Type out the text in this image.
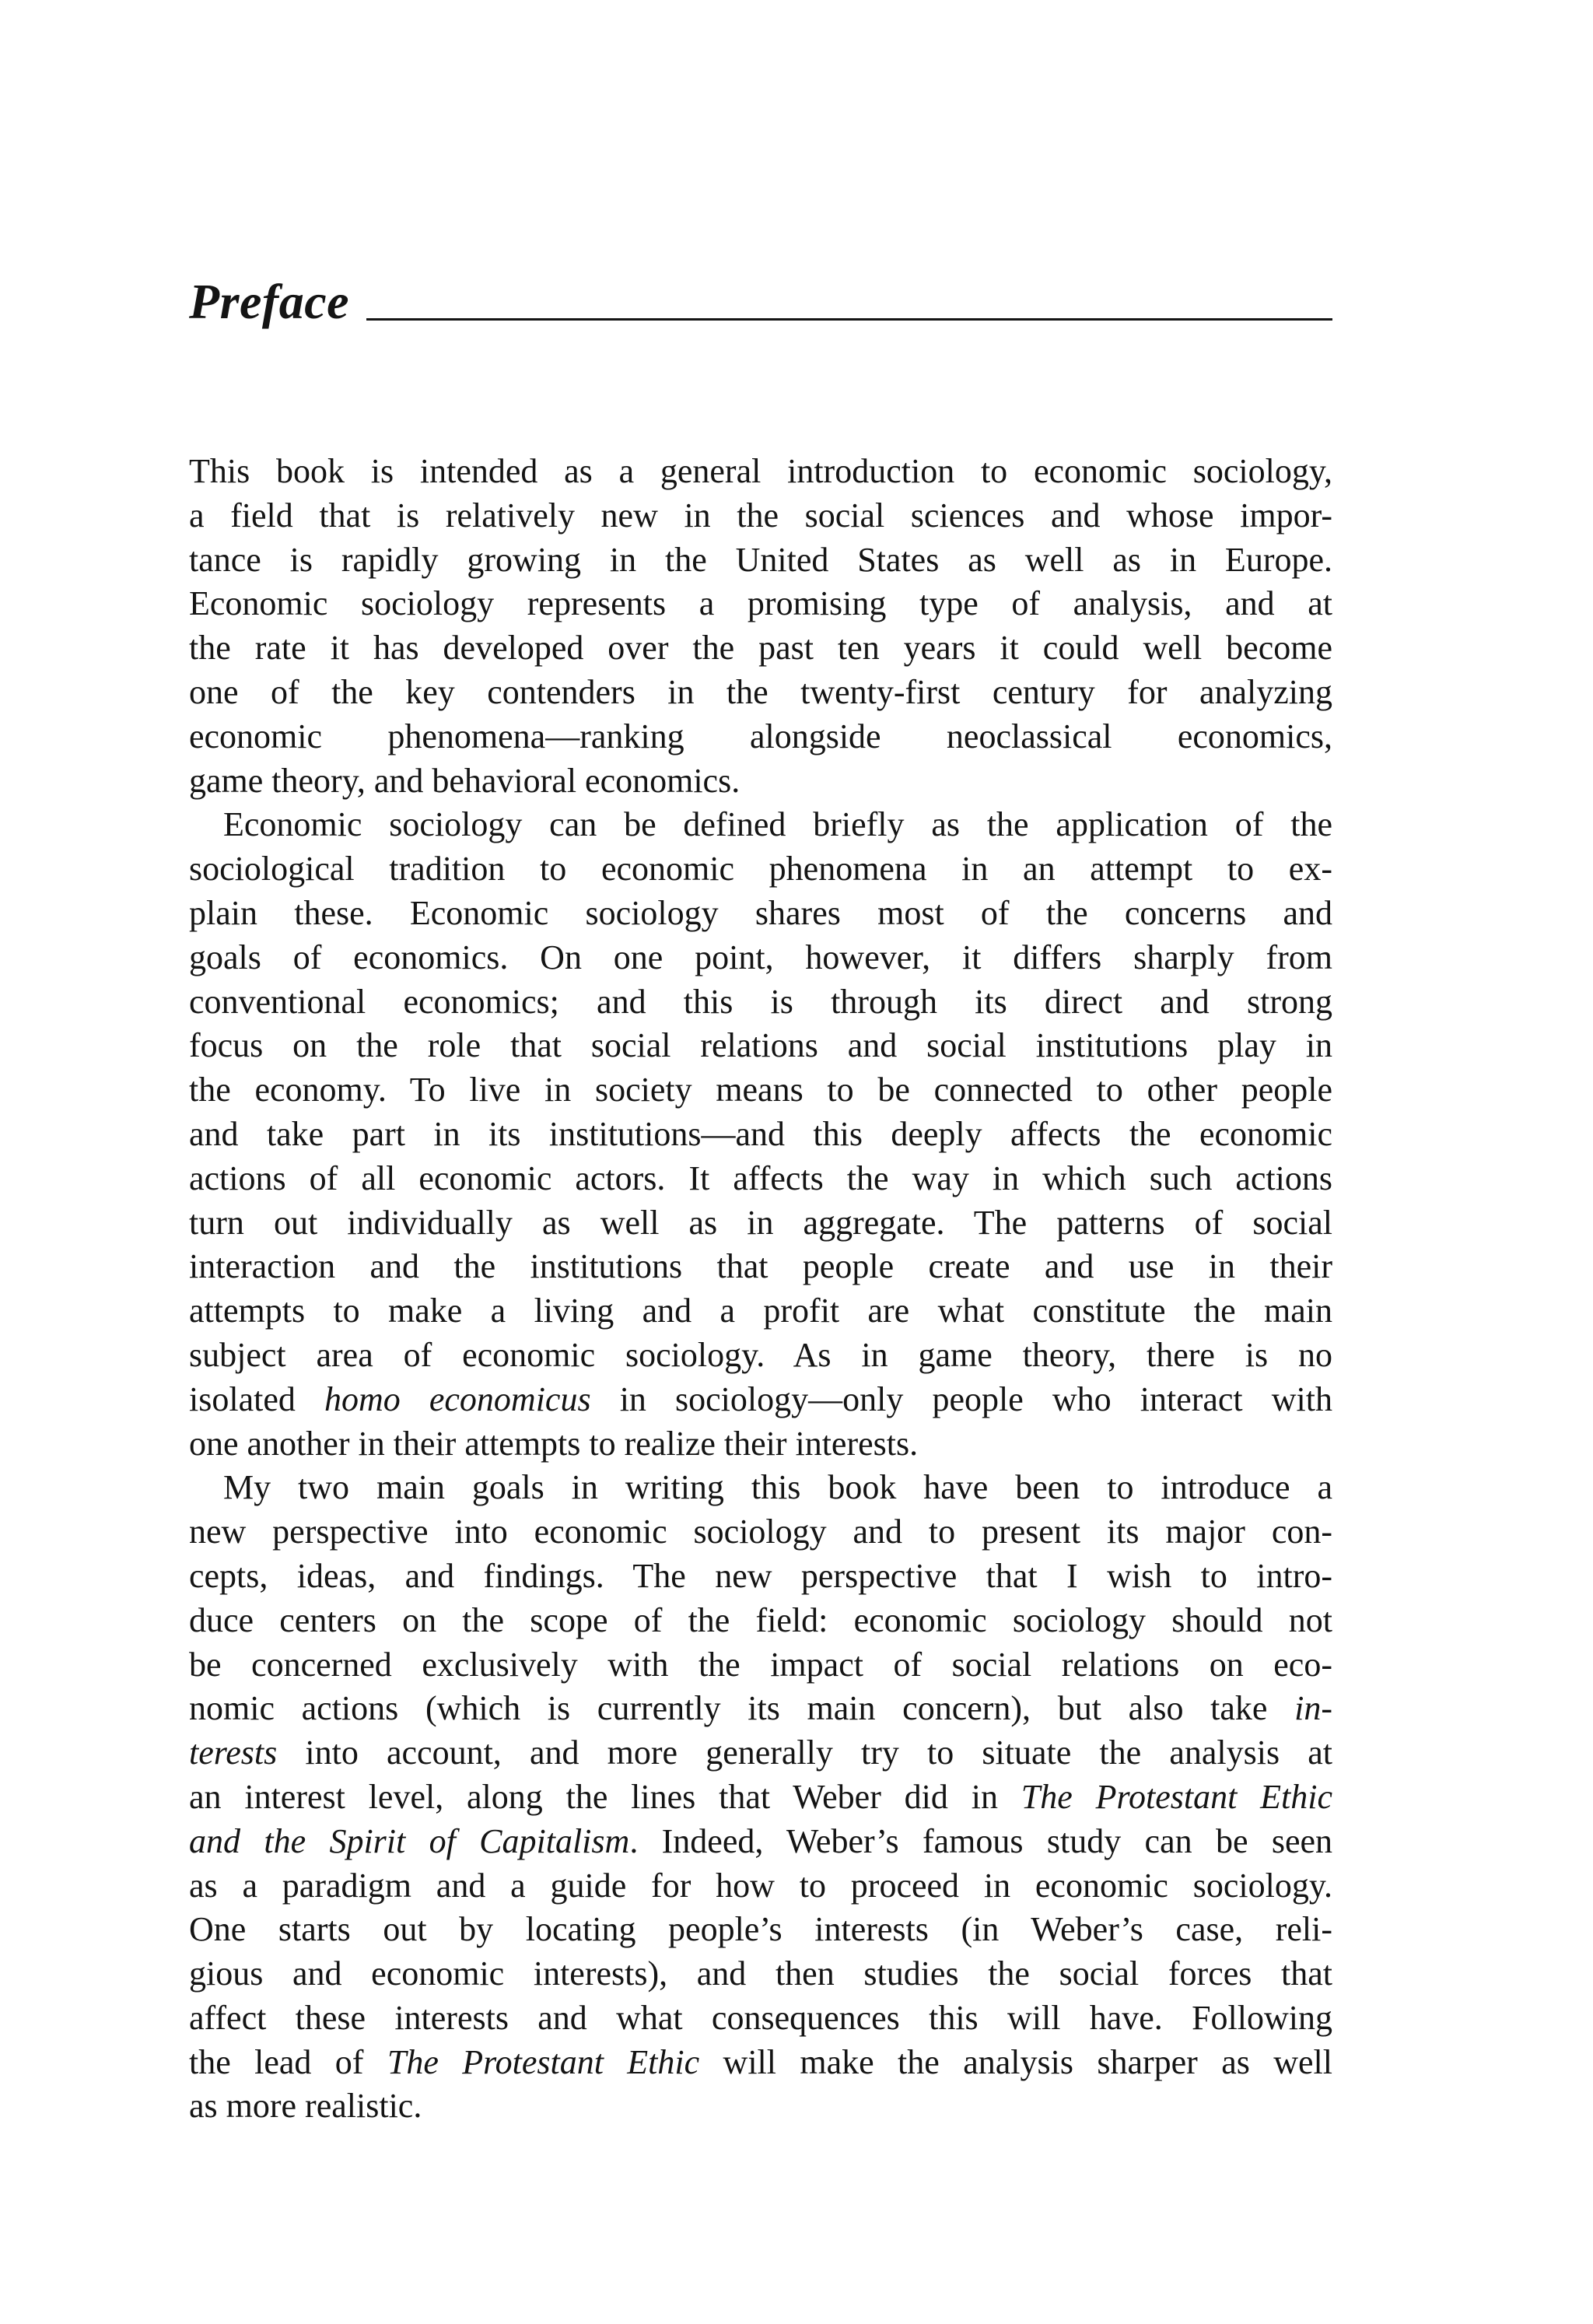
Preface
This book is intended as a general introduction to economic sociology,
a field that is relatively new in the social sciences and whose impor-
tance is rapidly growing in the United States as well as in Europe.
Economic sociology represents a promising type of analysis, and at
the rate it has developed over the past ten years it could well become
one of the key contenders in the twenty-first century for analyzing
economic phenomena—ranking alongside neoclassical economics,
game theory, and behavioral economics.
Economic sociology can be defined briefly as the application of the
sociological tradition to economic phenomena in an attempt to ex-
plain these. Economic sociology shares most of the concerns and
goals of economics. On one point, however, it differs sharply from
conventional economics; and this is through its direct and strong
focus on the role that social relations and social institutions play in
the economy. To live in society means to be connected to other people
and take part in its institutions—and this deeply affects the economic
actions of all economic actors. It affects the way in which such actions
turn out individually as well as in aggregate. The patterns of social
interaction and the institutions that people create and use in their
attempts to make a living and a profit are what constitute the main
subject area of economic sociology. As in game theory, there is no
isolated homo economicus in sociology—only people who interact with
one another in their attempts to realize their interests.
My two main goals in writing this book have been to introduce a
new perspective into economic sociology and to present its major con-
cepts, ideas, and findings. The new perspective that I wish to intro-
duce centers on the scope of the field: economic sociology should not
be concerned exclusively with the impact of social relations on eco-
nomic actions (which is currently its main concern), but also take in-
terests into account, and more generally try to situate the analysis at
an interest level, along the lines that Weber did in The Protestant Ethic
and the Spirit of Capitalism. Indeed, Weber’s famous study can be seen
as a paradigm and a guide for how to proceed in economic sociology.
One starts out by locating people’s interests (in Weber’s case, reli-
gious and economic interests), and then studies the social forces that
affect these interests and what consequences this will have. Following
the lead of The Protestant Ethic will make the analysis sharper as well
as more realistic.
